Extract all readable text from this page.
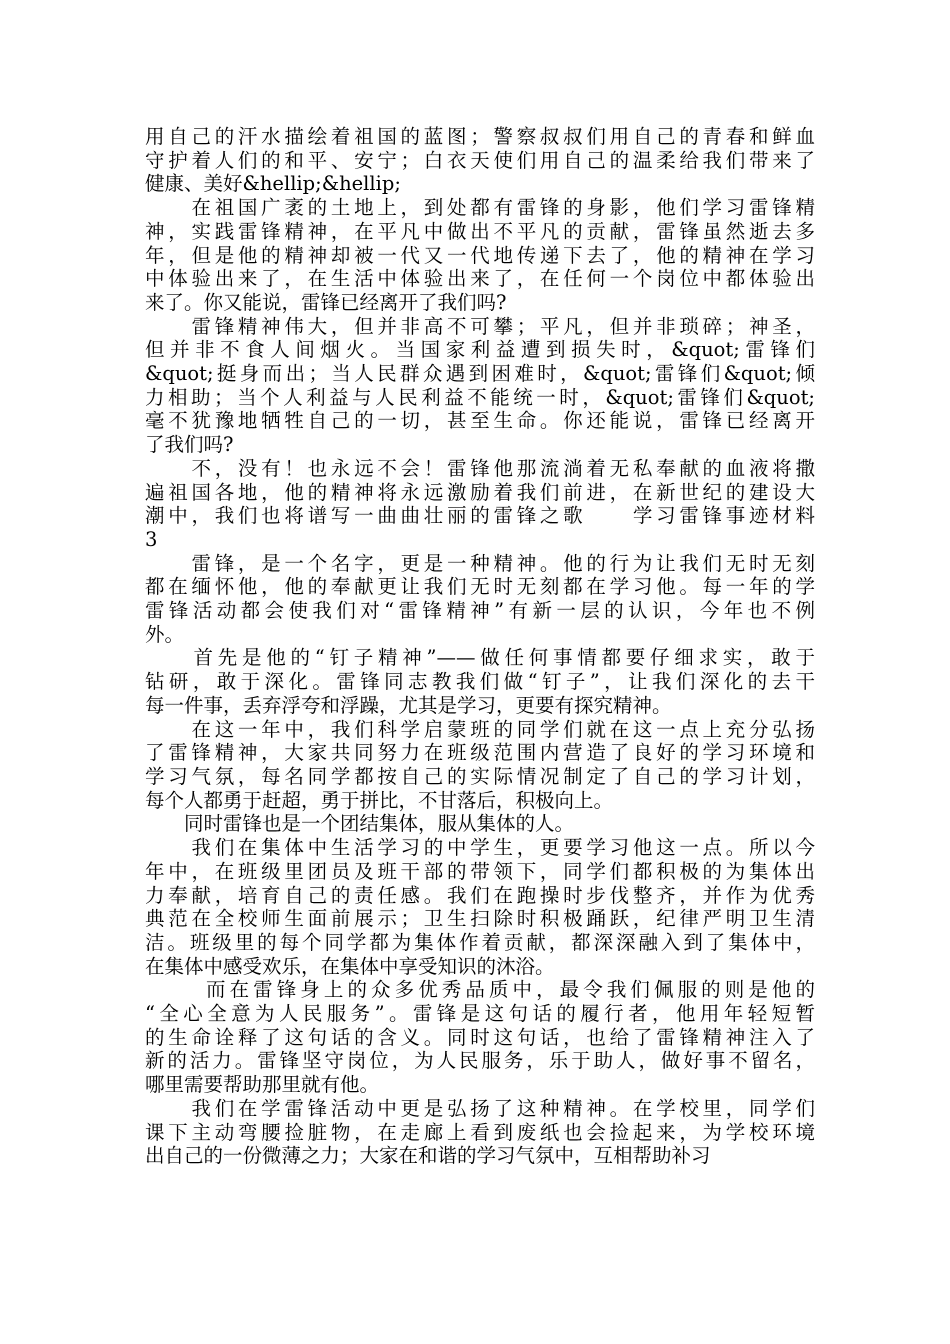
用自己的汗水描绘着祖国的蓝图；警察叔叔们用自己的青春和鲜血
守护着人们的和平、安宁；白衣天使们用自己的温柔给我们带来了
健康、美好&hellip;&hellip;
　　在祖国广袤的土地上，到处都有雷锋的身影，他们学习雷锋精
神，实践雷锋精神，在平凡中做出不平凡的贡献，雷锋虽然逝去多
年，但是他的精神却被一代又一代地传递下去了，他的精神在学习
中体验出来了，在生活中体验出来了，在任何一个岗位中都体验出
来了。你又能说，雷锋已经离开了我们吗?
　　雷锋精神伟大，但并非高不可攀；平凡，但并非琐碎；神圣，
但并非不食人间烟火。当国家利益遭到损失时，&quot;雷锋们
&quot;挺身而出；当人民群众遇到困难时，&quot;雷锋们&quot;倾
力相助；当个人利益与人民利益不能统一时，&quot;雷锋们&quot;
毫不犹豫地牺牲自己的一切，甚至生命。你还能说，雷锋已经离开
了我们吗?
　　不，没有！也永远不会！雷锋他那流淌着无私奉献的血液将撒
遍祖国各地，他的精神将永远激励着我们前进，在新世纪的建设大
潮中，我们也将谱写一曲曲壮丽的雷锋之歌　　学习雷锋事迹材料
3
　　雷锋，是一个名字，更是一种精神。他的行为让我们无时无刻
都在缅怀他，他的奉献更让我们无时无刻都在学习他。每一年的学
雷锋活动都会使我们对“雷锋精神”有新一层的认识，今年也不例
外。
　　首先是他的“钉子精神”——做任何事情都要仔细求实，敢于
钻研，敢于深化。雷锋同志教我们做“钉子”，让我们深化的去干
每一件事，丢弃浮夸和浮躁，尤其是学习，更要有探究精神。
　　在这一年中，我们科学启蒙班的同学们就在这一点上充分弘扬
了雷锋精神，大家共同努力在班级范围内营造了良好的学习环境和
学习气氛，每名同学都按自己的实际情况制定了自己的学习计划，
每个人都勇于赶超，勇于拼比，不甘落后，积极向上。
　　同时雷锋也是一个团结集体，服从集体的人。
　　我们在集体中生活学习的中学生，更要学习他这一点。所以今
年中，在班级里团员及班干部的带领下，同学们都积极的为集体出
力奉献，培育自己的责任感。我们在跑操时步伐整齐，并作为优秀
典范在全校师生面前展示；卫生扫除时积极踊跃，纪律严明卫生清
洁。班级里的每个同学都为集体作着贡献，都深深融入到了集体中，
在集体中感受欢乐，在集体中享受知识的沐浴。
　　 而在雷锋身上的众多优秀品质中，最令我们佩服的则是他的
“全心全意为人民服务”。雷锋是这句话的履行者，他用年轻短暂
的生命诠释了这句话的含义。同时这句话，也给了雷锋精神注入了
新的活力。雷锋坚守岗位，为人民服务，乐于助人，做好事不留名，
哪里需要帮助那里就有他。
　　我们在学雷锋活动中更是弘扬了这种精神。在学校里，同学们
课下主动弯腰捡脏物，在走廊上看到废纸也会捡起来，为学校环境
出自己的一份微薄之力；大家在和谐的学习气氛中，互相帮助补习
